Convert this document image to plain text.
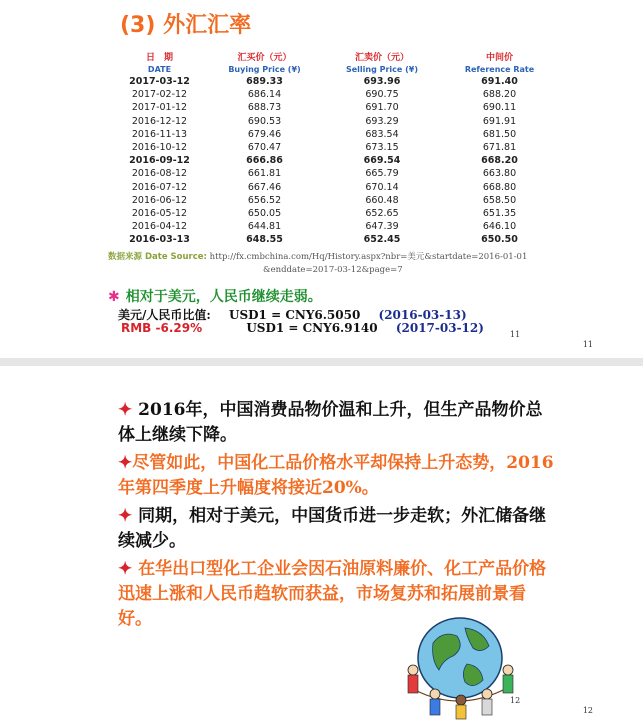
(3) 外汇汇率
日　期	汇买价（元）	汇卖价（元）	中间价
DATE	Buying Price (¥)	Selling Price (¥)	Reference Rate
2017-03-12	689.33	693.96	691.40
2017-02-12	686.14	690.75	688.20
2017-01-12	688.73	691.70	690.11
2016-12-12	690.53	693.29	691.91
2016-11-13	679.46	683.54	681.50
2016-10-12	670.47	673.15	671.81
2016-09-12	666.86	669.54	668.20
2016-08-12	661.81	665.79	663.80
2016-07-12	667.46	670.14	668.80
2016-06-12	656.52	660.48	658.50
2016-05-12	650.05	652.65	651.35
2016-04-12	644.81	647.39	646.10
2016-03-13	648.55	652.45	650.50
数据来源 Date Source: http://fx.cmbchina.com/Hq/History.aspx?nbr=美元&startdate=2016-01-01
&enddate=2017-03-12&page=7
✱ 相对于美元，人民币继续走弱。
美元/人民币比值: USD1 = CNY6.5050 (2016-03-13)
RMB -6.29%	USD1 = CNY6.9140 (2017-03-12)	11
11
✦ 2016年，中国消费品物价温和上升，但生产品物价总体上继续下降。
✦尽管如此，中国化工品价格水平却保持上升态势，2016年第四季度上升幅度将接近20%。
✦ 同期，相对于美元，中国货币进一步走软；外汇储备继续减少。
✦ 在华出口型化工企业会因石油原料廉价、化工产品价格迅速上涨和人民币趋软而获益，市场复苏和拓展前景看好。
12
12
